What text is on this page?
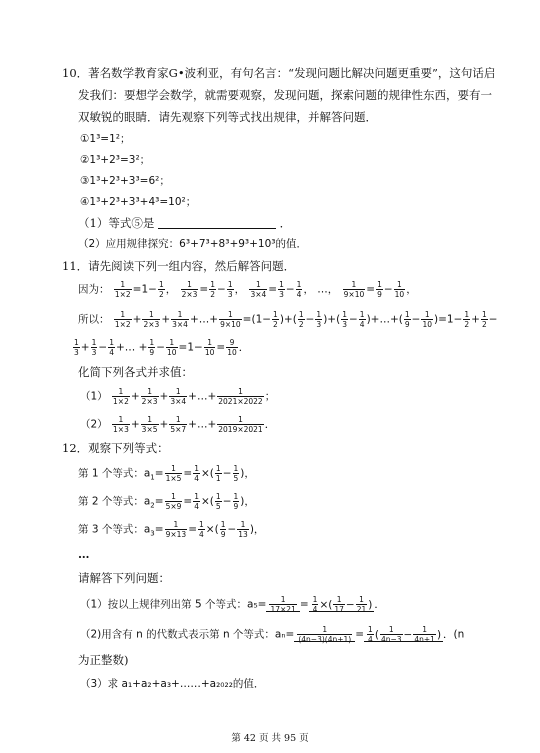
10．著名数学教育家G•波利亚，有句名言：“发现问题比解决问题更重要”，这句话启
发我们：要想学会数学，就需要观察，发现问题，探索问题的规律性东西，要有一
双敏锐的眼睛．请先观察下列等式找出规律，并解答问题．
①1³=1²；
②1³+2³=3²；
③1³+2³+3³=6²；
④1³+2³+3³+4³=10²；
（1）等式⑤是	．
（2）应用规律探究：6³+7³+8³+9³+10³的值．
11．请先阅读下列一组内容，然后解答问题．
因为： $\frac{1}{1\times 2} =1- \frac{1}{2}$ ， $\frac{1}{2\times 3} = \frac{1}{2} - \frac{1}{3}$ ， $\frac{1}{3\times 4} = \frac{1}{3} - \frac{1}{4}$ ， …， $\frac{1}{9\times 10} = \frac{1}{9} - \frac{1}{10}$ ，
所以： $\frac{1}{1\times 2} + \frac{1}{2\times 3} + \frac{1}{3\times 4}$ +…+ $\frac{1}{9\times 10} =(1- \frac{1}{2}$ )+( $\frac{1}{2} - \frac{1}{3}$ )+( $\frac{1}{3} - \frac{1}{4}$ )+…+( $\frac{1}{9} - \frac{1}{10} )=1- \frac{1}{2} + \frac{1}{2}$ −
$\frac{1}{3} + \frac{1}{3} - \frac{1}{4}$ +… + $\frac{1}{9} - \frac{1}{10} =1- \frac{1}{10} = \frac{9}{10}$ ．
化简下列各式并求值：
$(1) \frac{1}{1\times 2} + \frac{1}{2\times 3} + \frac{1}{3\times 4}$ +…+ $\frac{1}{2021\times 2022}$ ；
$(2) \frac{1}{1\times 3} + \frac{1}{3\times 5} + \frac{1}{5\times 7}$ +…+ $\frac{1}{2019\times 2021}$ ．
12．观察下列等式：
第 1 个等式：$a_1= \frac{1}{1\times 5} = \frac{1}{4}$ ×( $\frac{1}{1} - \frac{1}{5}$ )，
第 2 个等式：$a_2= \frac{1}{5\times 9} = \frac{1}{4}$ ×( $\frac{1}{5} - \frac{1}{9}$ )，
第 3 个等式：$a_3= \frac{1}{9\times 13} = \frac{1}{4}$ ×( $\frac{1}{9} - \frac{1}{13}$ )，
…
请解答下列问题：
（1）按以上规律列出第 5 个等式：$a_5= \frac{1}{17\times 21} = \frac{1}{4}$ ×( $\frac{1}{17} - \frac{1}{21}$ ) ．
（2)用含有 n 的代数式表示第 n 个等式：$a_n= \frac{1}{(4n-3)(4n+1)} = \frac{1}{4}$ ( $\frac{1}{4n-3} - \frac{1}{4n+1}$ ) ．(n
为正整数)
（3）求 a₁+a₂+a₃+……+a₂₀₂₂的值．
第 42 页 共 95 页
